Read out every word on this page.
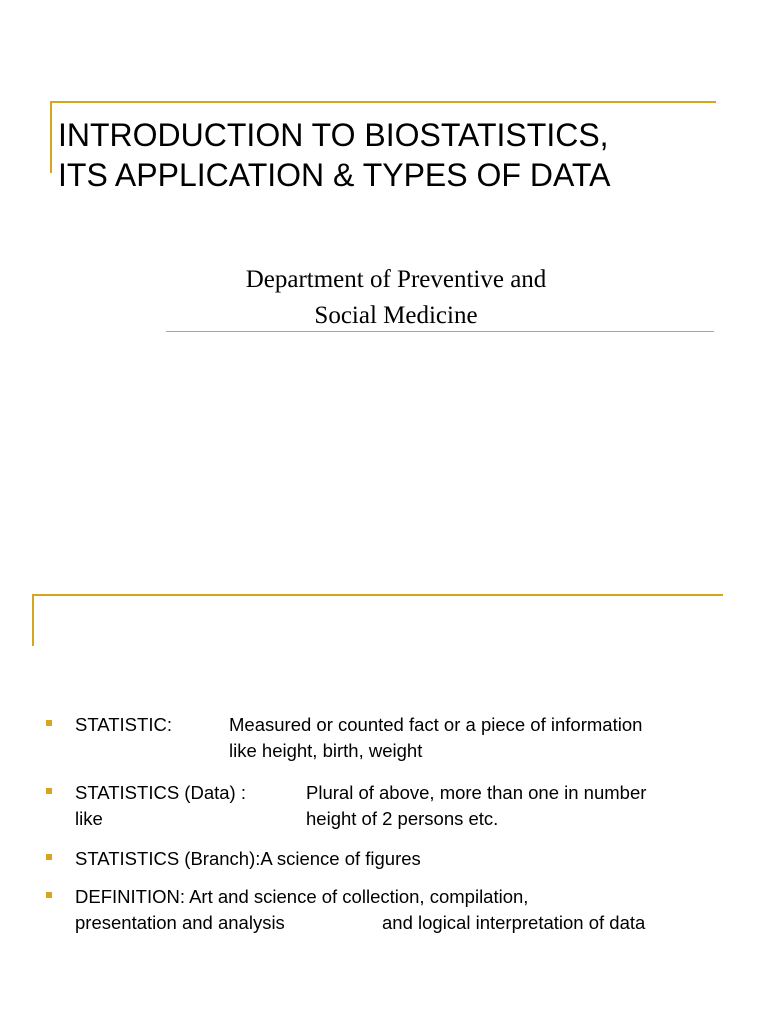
INTRODUCTION TO BIOSTATISTICS,
ITS APPLICATION & TYPES OF DATA
Department of Preventive and
Social Medicine
STATISTIC:	Measured or counted fact or a piece of information
like height, birth, weight
STATISTICS (Data) :
like
Plural of above, more than one in number
height of 2 persons etc.
STATISTICS (Branch):A science of figures
DEFINITION: Art and science of collection, compilation,
presentation and analysis	and logical interpretation of data
